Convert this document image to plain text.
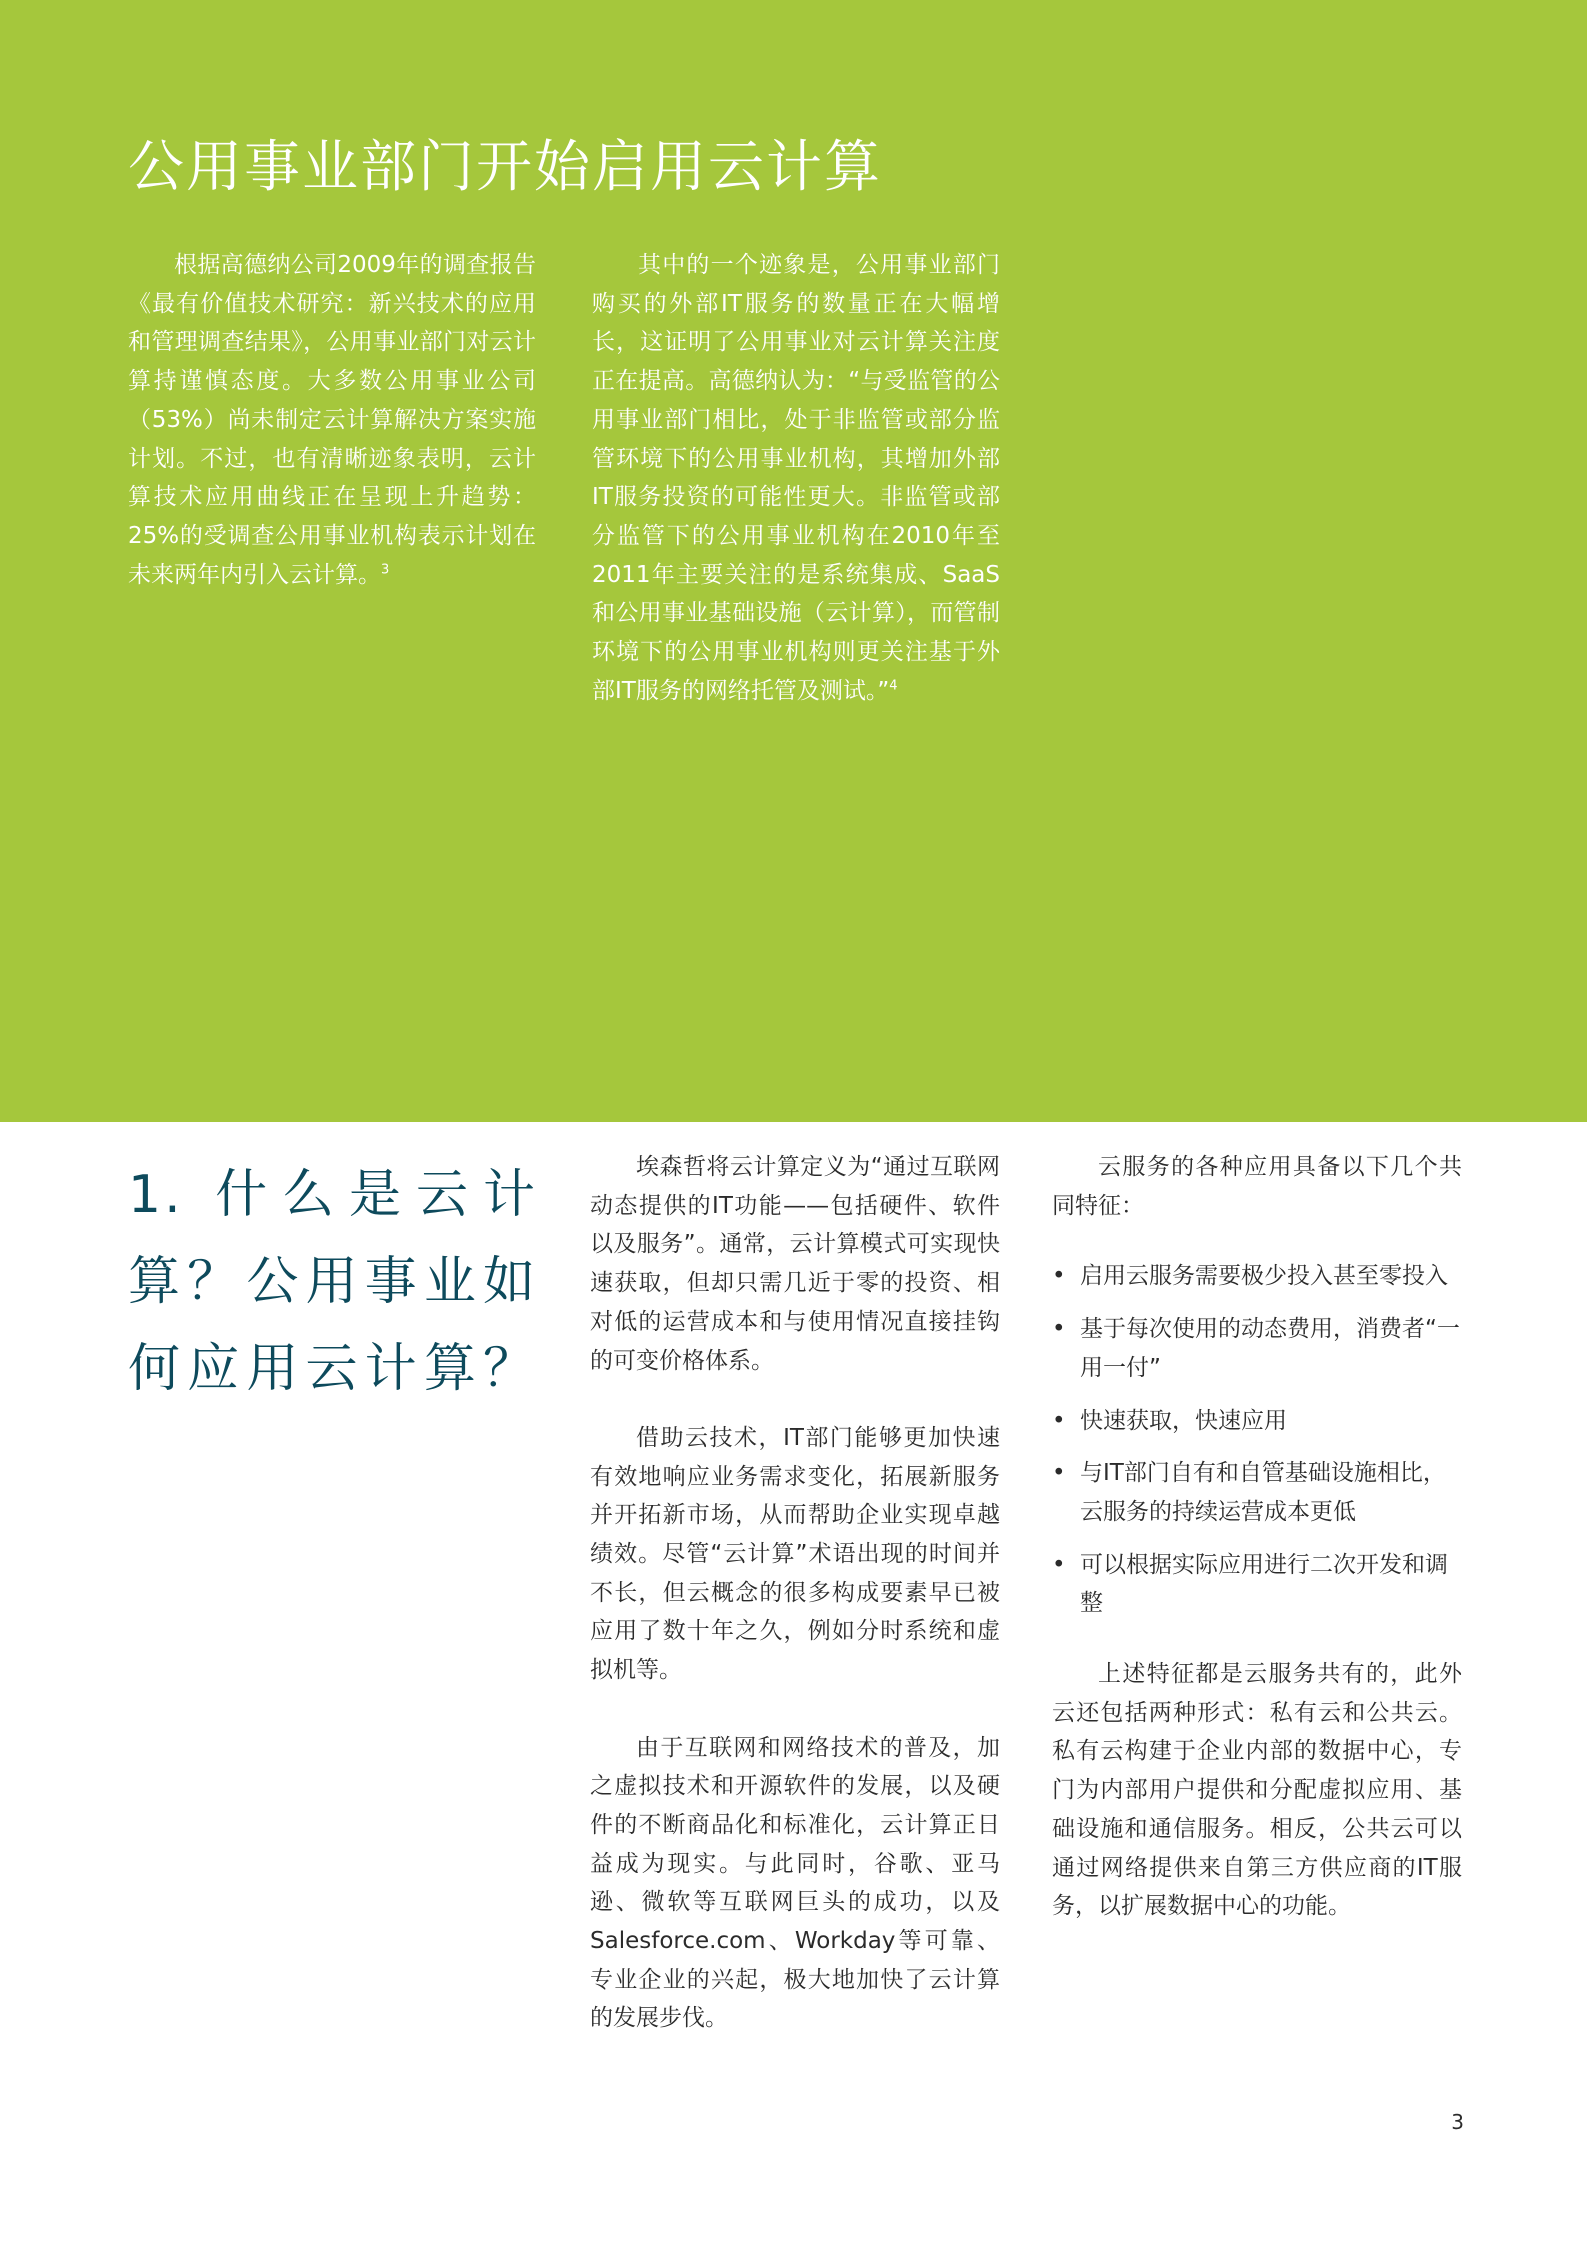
公用事业部门开始启用云计算

根据高德纳公司2009年的调查报告《最有价值技术研究：新兴技术的应用和管理调查结果》，公用事业部门对云计算持谨慎态度。大多数公用事业公司（53%）尚未制定云计算解决方案实施计划。不过，也有清晰迹象表明，云计算技术应用曲线正在呈现上升趋势：25%的受调查公用事业机构表示计划在未来两年内引入云计算。$^3$

其中的一个迹象是，公用事业部门购买的外部IT服务的数量正在大幅增长，这证明了公用事业对云计算关注度正在提高。高德纳认为：“与受监管的公用事业部门相比，处于非监管或部分监管环境下的公用事业机构，其增加外部IT服务投资的可能性更大。非监管或部分监管下的公用事业机构在2010年至2011年主要关注的是系统集成、SaaS和公用事业基础设施（云计算），而管制环境下的公用事业机构则更关注基于外部IT服务的网络托管及测试。”$^4$

1. 什么是云计算？公用事业如何应用云计算？

埃森哲将云计算定义为“通过互联网动态提供的IT功能——包括硬件、软件以及服务”。通常，云计算模式可实现快速获取，但却只需几近于零的投资、相对低的运营成本和与使用情况直接挂钩的可变价格体系。

借助云技术，IT部门能够更加快速有效地响应业务需求变化，拓展新服务并开拓新市场，从而帮助企业实现卓越绩效。尽管“云计算”术语出现的时间并不长，但云概念的很多构成要素早已被应用了数十年之久，例如分时系统和虚拟机等。

由于互联网和网络技术的普及，加之虚拟技术和开源软件的发展，以及硬件的不断商品化和标准化，云计算正日益成为现实。与此同时，谷歌、亚马逊、微软等互联网巨头的成功，以及Salesforce.com、Workday等可靠、专业企业的兴起，极大地加快了云计算的发展步伐。

云服务的各种应用具备以下几个共同特征：

• 启用云服务需要极少投入甚至零投入
• 基于每次使用的动态费用，消费者“一用一付”
• 快速获取，快速应用
• 与IT部门自有和自管基础设施相比，云服务的持续运营成本更低
• 可以根据实际应用进行二次开发和调整

上述特征都是云服务共有的，此外云还包括两种形式：私有云和公共云。私有云构建于企业内部的数据中心，专门为内部用户提供和分配虚拟应用、基础设施和通信服务。相反，公共云可以通过网络提供来自第三方供应商的IT服务，以扩展数据中心的功能。

3
